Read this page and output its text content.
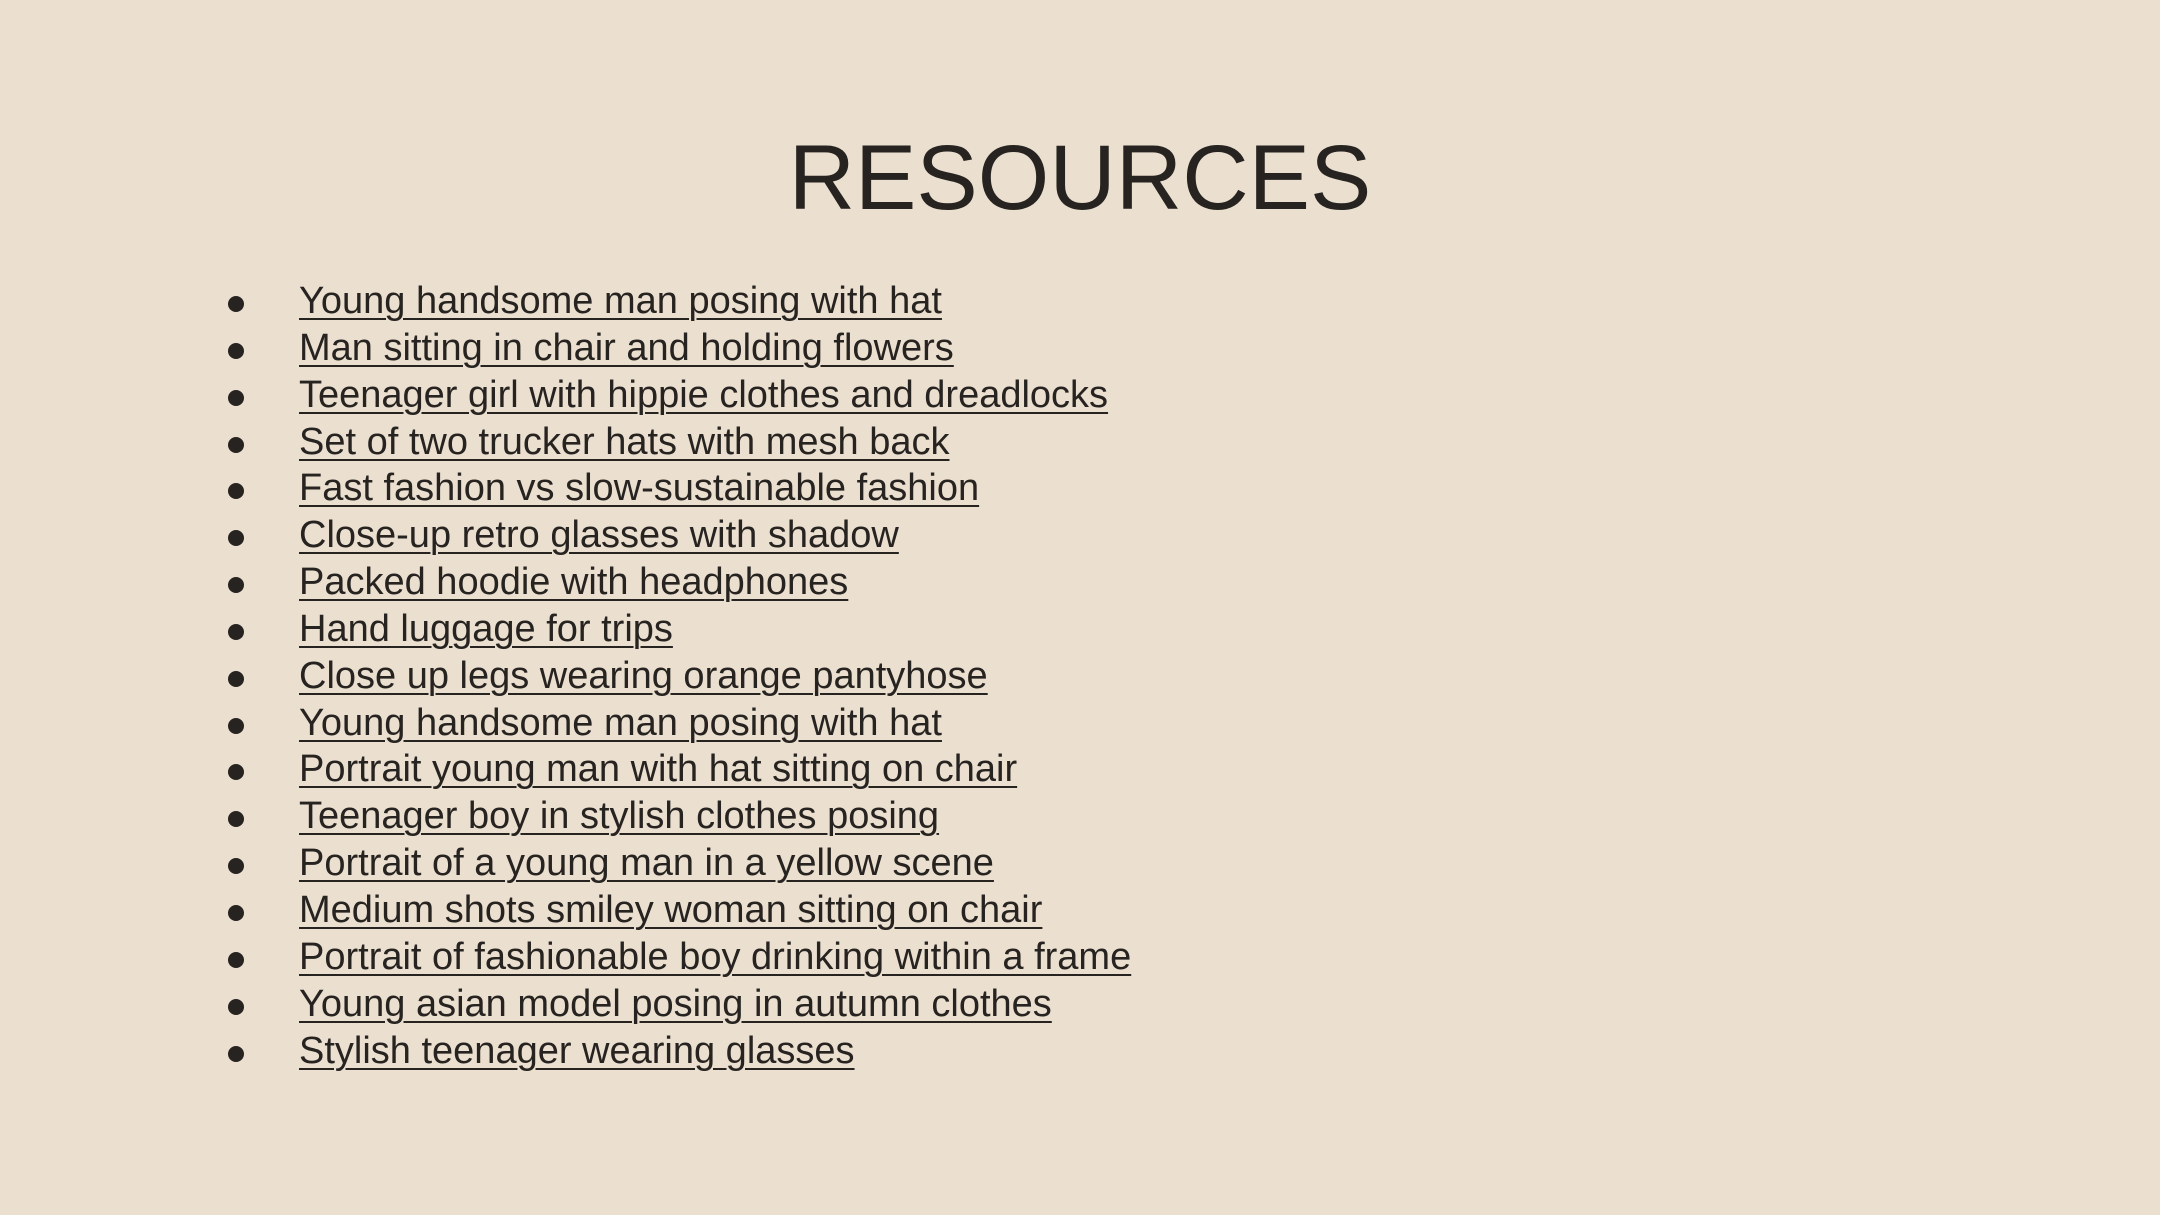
RESOURCES
Young handsome man posing with hat
Man sitting in chair and holding flowers
Teenager girl with hippie clothes and dreadlocks
Set of two trucker hats with mesh back
Fast fashion vs slow-sustainable fashion
Close-up retro glasses with shadow
Packed hoodie with headphones
Hand luggage for trips
Close up legs wearing orange pantyhose
Young handsome man posing with hat
Portrait young man with hat sitting on chair
Teenager boy in stylish clothes posing
Portrait of a young man in a yellow scene
Medium shots smiley woman sitting on chair
Portrait of fashionable boy drinking within a frame
Young asian model posing in autumn clothes
Stylish teenager wearing glasses
